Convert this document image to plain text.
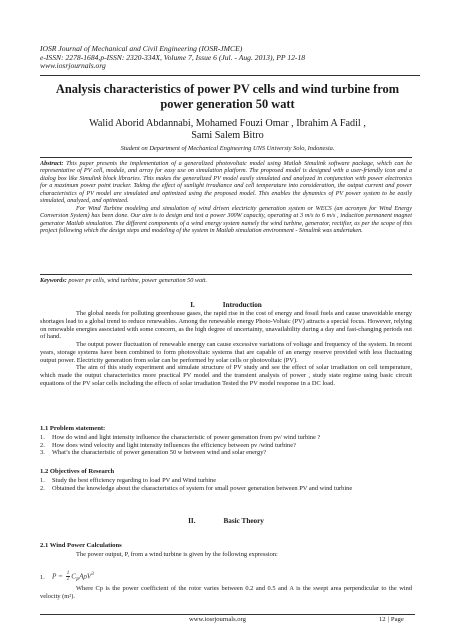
IOSR Journal of Mechanical and Civil Engineering (IOSR-JMCE)
e-ISSN: 2278-1684,p-ISSN: 2320-334X, Volume 7, Issue 6 (Jul. - Aug. 2013), PP 12-18
www.iosrjournals.org
Analysis characteristics of power PV cells and wind turbine from power generation 50 watt
Walid Aborid Abdannabi, Mohamed Fouzi Omar , Ibrahim A Fadil ,
Sami Salem Bitro
Student on Department of Mechanical Engineering UNS Universty Solo, Indonesia.

Abstract: This paper presents the implementation of a generalized photovoltaic model using Matlab Simulink software package, which can be representative of PV cell, module, and array for easy use on simulation platform. The proposed model is designed with a user-friendly icon and a dialog box like Simulink block libraries. This makes the generalized PV model easily simulated and analyzed in conjunction with power electronics for a maximum power point tracker. Taking the effect of sunlight irradiance and cell temperature into consideration, the output current and power characteristics of PV model are simulated and optimized using the proposed model. This enables the dynamics of PV power system to be easily simulated, analyzed, and optimized.

For Wind Turbine modeling and simulation of wind driven electricity generation system or WECS (an acronym for Wind Energy Conversion System) has been done. Our aim is to design and test a power 300W capacity, operating at 3 m/s to 6 m/s , induction permanent magnet generator Matlab simulation. The different components of a wind energy system namely the wind turbine, generator, rectifier, as per the scope of this project following which the design steps and modeling of the system in Matlab simulation environment - Simulink was undertaken.

Keywords: power pv cells, wind turbine, power generation 50 watt.
I.	Introduction

The global needs for polluting greenhouse gases, the rapid rise in the cost of energy and fossil fuels and cause unavoidable energy shortages lead to a global trend to reduce renewables. Among the renewable energy Photo-Voltaic (PV) attracts a special focus. However, relying on renewable energies associated with some concern, as the high degree of uncertainty, unavailability during a day and fast-changing periods out of hand.

The output power fluctuation of renewable energy can cause excessive variations of voltage and frequency of the system. In recent years, storage systems have been combined to form photovoltaic systems that are capable of an energy reserve provided with less fluctuating output power. Electricity generation from solar can be performed by solar cells or photovoltaic (PV).

The aim of this study experiment and simulate structure of PV study and see the effect of solar irradiation on cell temperature, which made the output characteristics more practical PV model and the transient analysis of power , study state regime using basic circuit equations of the PV solar cells including the effects of solar irradiation Tested the PV model response in a DC load.

1.1 Problem statement:
1.	How do wind and light intensity influence the characteristic of power generation from pv/ wind turbine ?
2.	How does wind velocity and light intensity influences the efficiency between pv /wind turbine?
3.	What’s the characteristic of power generation 50 w between wind and solar energy?
1.2 Objectives of Research
1.	Study the best efficiency regarding to load PV and Wind turbine
2.	Obtained the knowledge about the characteristics of system for small power generation between PV and wind turbine
II.	Basic Theory
2.1 Wind Power Calculations

The power output, P, from a wind turbine is given by the following expression:

1.	$P = \frac{1}{2} C_PA\rho V^3$

Where Cp is the power coefficient of the rotor varies between 0.2 and 0.5 and A is the swept area perpendicular to the wind velocity (m²).

www.iosrjournals.org	12 | Page
